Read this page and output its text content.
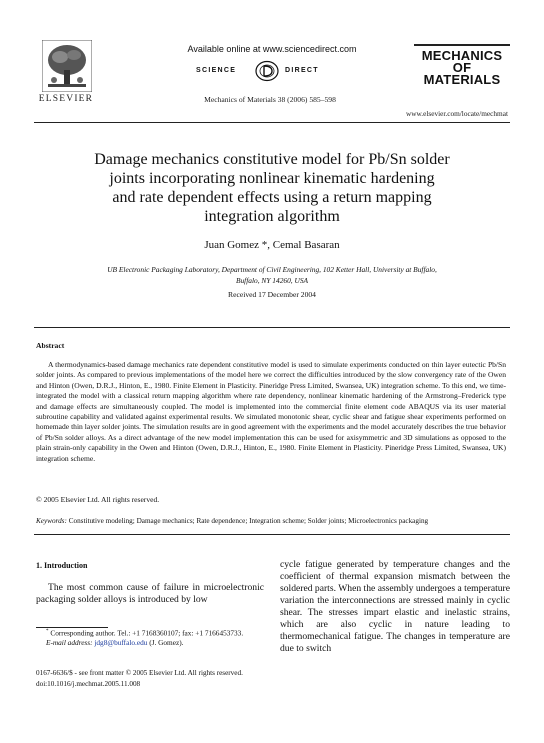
ELSEVIER
Available online at www.sciencedirect.com
SCIENCE	DIRECT
Mechanics of Materials 38 (2006) 585–598
MECHANICS
OF
MATERIALS
www.elsevier.com/locate/mechmat
Damage mechanics constitutive model for Pb/Sn solder
joints incorporating nonlinear kinematic hardening
and rate dependent effects using a return mapping
integration algorithm
Juan Gomez *, Cemal Basaran
UB Electronic Packaging Laboratory, Department of Civil Engineering, 102 Ketter Hall, University at Buffalo,
Buffalo, NY 14260, USA
Received 17 December 2004
Abstract
A thermodynamics-based damage mechanics rate dependent constitutive model is used to simulate experiments conducted on thin layer eutectic Pb/Sn solder joints. As compared to previous implementations of the model here we correct the difficulties introduced by the slow convergency rate of the Owen and Hinton (Owen, D.R.J., Hinton, E., 1980. Finite Element in Plasticity. Pineridge Press Limited, Swansea, UK) integration scheme. To this end, we time-integrated the model with a classical return mapping algorithm where rate dependency, nonlinear kinematic hardening of the Armstrong–Frederick type and damage effects are simultaneously coupled. The model is implemented into the commercial finite element code ABAQUS via its user material subroutine capability and validated against experimental results. We simulated monotonic shear, cyclic shear and fatigue shear experiments performed on homemade thin layer solder joints. The simulation results are in good agreement with the experiments and the model accurately describes the true behavior of Pb/Sn solder alloys. As a direct advantage of the new model implementation this can be used for axisymmetric and 3D simulations as opposed to the plain strain-only capability in the Owen and Hinton (Owen, D.R.J., Hinton, E., 1980. Finite Element in Plasticity. Pineridge Press Limited, Swansea, UK) integration scheme.
© 2005 Elsevier Ltd. All rights reserved.
Keywords: Constitutive modeling; Damage mechanics; Rate dependence; Integration scheme; Solder joints; Microelectronics packaging
1. Introduction
The most common cause of failure in microelectronic packaging solder alloys is introduced by low
cycle fatigue generated by temperature changes and the coefficient of thermal expansion mismatch between the soldered parts. When the assembly undergoes a temperature variation the interconnections are stressed mainly in cyclic shear. The stresses impart elastic and inelastic strains, which are also cyclic in nature leading to thermomechanical fatigue. The changes in temperature are due to switch
* Corresponding author. Tel.: +1 7168360107; fax: +1 7166453733.
E-mail address: jdg8@buffalo.edu (J. Gomez).
0167-6636/$ - see front matter © 2005 Elsevier Ltd. All rights reserved.
doi:10.1016/j.mechmat.2005.11.008
